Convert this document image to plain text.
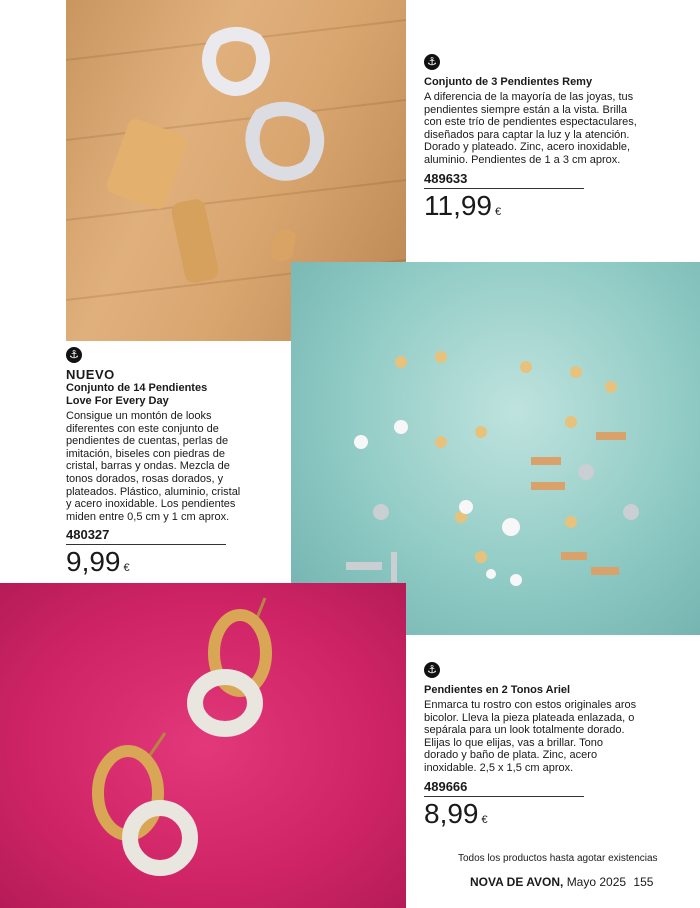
⚓
Conjunto de 3 Pendientes Remy
A diferencia de la mayoría de las joyas, tus pendientes siempre están a la vista. Brilla con este trío de pendientes espectaculares, diseñados para captar la luz y la atención. Dorado y plateado. Zinc, acero inoxidable, aluminio. Pendientes de 1 a 3 cm aprox.
489633
11,99 €
⚓
NUEVO
Conjunto de 14 Pendientes Love For Every Day
Consigue un montón de looks diferentes con este conjunto de pendientes de cuentas, perlas de imitación, biseles con piedras de cristal, barras y ondas. Mezcla de tonos dorados, rosas dorados, y plateados. Plástico, aluminio, cristal y acero inoxidable. Los pendientes miden entre 0,5 cm y 1 cm aprox.
480327
9,99 €
⚓
Pendientes en 2 Tonos Ariel
Enmarca tu rostro con estos originales aros bicolor. Lleva la pieza plateada enlazada, o sepárala para un look totalmente dorado. Elijas lo que elijas, vas a brillar. Tono dorado y baño de plata. Zinc, acero inoxidable. 2,5 x 1,5 cm aprox.
489666
8,99 €
Todos los productos hasta agotar existencias
NOVA DE AVON, Mayo 2025 155
